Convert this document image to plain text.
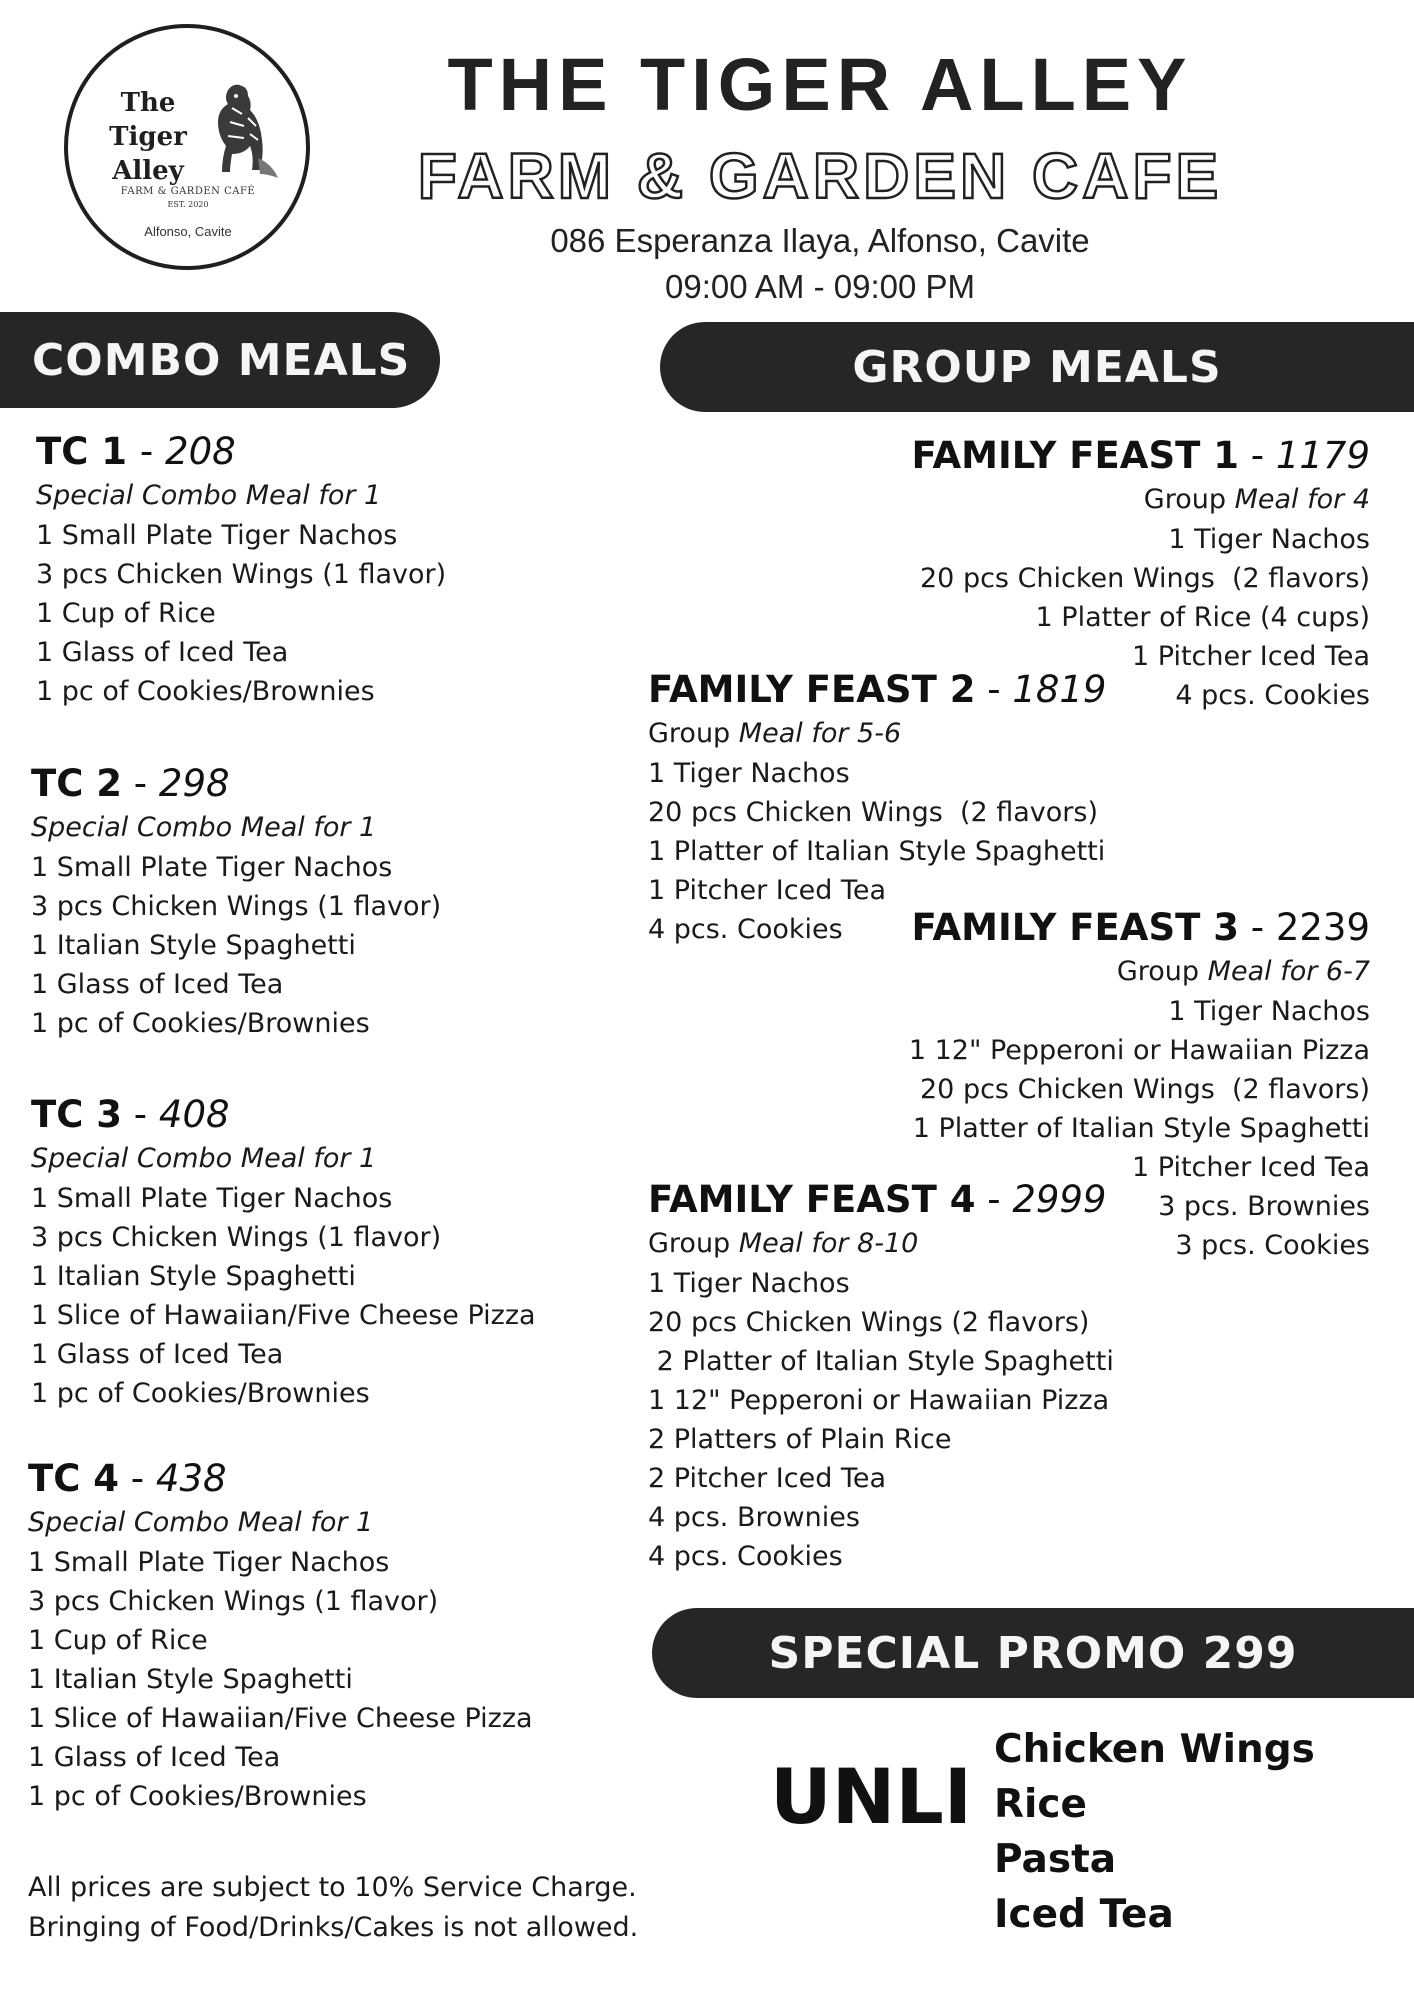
The
Tiger
Alley
FARM & GARDEN CAFÉ
EST. 2020
Alfonso, Cavite
THE TIGER ALLEY
FARM & GARDEN CAFE
086 Esperanza Ilaya, Alfonso, Cavite
09:00 AM - 09:00 PM
COMBO MEALS	GROUP MEALS
TC 1 - 208
Special Combo Meal for 1
1 Small Plate Tiger Nachos
3 pcs Chicken Wings (1 flavor)
1 Cup of Rice
1 Glass of Iced Tea
1 pc of Cookies/Brownies
TC 2 - 298
Special Combo Meal for 1
1 Small Plate Tiger Nachos
3 pcs Chicken Wings (1 flavor)
1 Italian Style Spaghetti
1 Glass of Iced Tea
1 pc of Cookies/Brownies
TC 3 - 408
Special Combo Meal for 1
1 Small Plate Tiger Nachos
3 pcs Chicken Wings (1 flavor)
1 Italian Style Spaghetti
1 Slice of Hawaiian/Five Cheese Pizza
1 Glass of Iced Tea
1 pc of Cookies/Brownies
TC 4 - 438
Special Combo Meal for 1
1 Small Plate Tiger Nachos
3 pcs Chicken Wings (1 flavor)
1 Cup of Rice
1 Italian Style Spaghetti
1 Slice of Hawaiian/Five Cheese Pizza
1 Glass of Iced Tea
1 pc of Cookies/Brownies
FAMILY FEAST 1 - 1179
Group Meal for 4
1 Tiger Nachos
20 pcs Chicken Wings  (2 flavors)
1 Platter of Rice (4 cups)
1 Pitcher Iced Tea
4 pcs. Cookies
FAMILY FEAST 2 - 1819
Group Meal for 5-6
1 Tiger Nachos
20 pcs Chicken Wings  (2 flavors)
1 Platter of Italian Style Spaghetti
1 Pitcher Iced Tea
4 pcs. Cookies	FAMILY FEAST 3 - 2239
Group Meal for 6-7
1 Tiger Nachos
1 12" Pepperoni or Hawaiian Pizza
20 pcs Chicken Wings  (2 flavors)
1 Platter of Italian Style Spaghetti
1 Pitcher Iced Tea
3 pcs. Brownies
3 pcs. Cookies
FAMILY FEAST 4 - 2999
Group Meal for 8-10
1 Tiger Nachos
20 pcs Chicken Wings (2 flavors)
2 Platter of Italian Style Spaghetti
1 12" Pepperoni or Hawaiian Pizza
2 Platters of Plain Rice
2 Pitcher Iced Tea
4 pcs. Brownies
4 pcs. Cookies
SPECIAL PROMO 299
UNLI
Chicken Wings
Rice
Pasta
Iced Tea
All prices are subject to 10% Service Charge.
Bringing of Food/Drinks/Cakes is not allowed.
